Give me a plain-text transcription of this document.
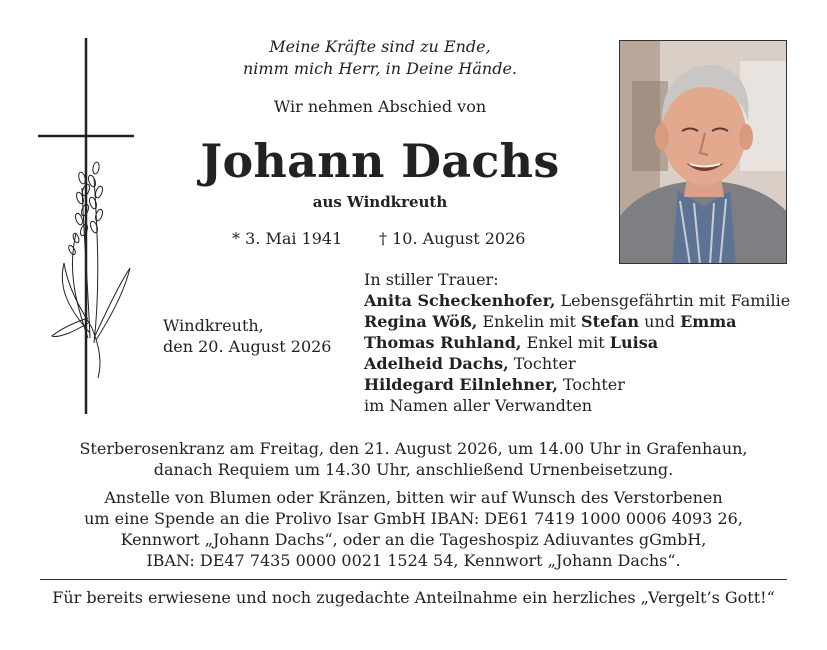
Meine Kräfte sind zu Ende,
nimm mich Herr, in Deine Hände.
Wir nehmen Abschied von
Johann Dachs
aus Windkreuth
* 3. Mai 1941 † 10. August 2026
Windkreuth,
den 20. August 2026
In stiller Trauer:
Anita Scheckenhofer, Lebensgefährtin mit Familie
Regina Wöß, Enkelin mit Stefan und Emma
Thomas Ruhland, Enkel mit Luisa
Adelheid Dachs, Tochter
Hildegard Eilnlehner, Tochter
im Namen aller Verwandten
Sterberosenkranz am Freitag, den 21. August 2026, um 14.00 Uhr in Grafenhaun,
danach Requiem um 14.30 Uhr, anschließend Urnenbeisetzung.
Anstelle von Blumen oder Kränzen, bitten wir auf Wunsch des Verstorbenen
um eine Spende an die Prolivo Isar GmbH IBAN: DE61 7419 1000 0006 4093 26,
Kennwort „Johann Dachs“, oder an die Tageshospiz Adiuvantes gGmbH,
IBAN: DE47 7435 0000 0021 1524 54, Kennwort „Johann Dachs“.
Für bereits erwiesene und noch zugedachte Anteilnahme ein herzliches „Vergelt’s Gott!“
